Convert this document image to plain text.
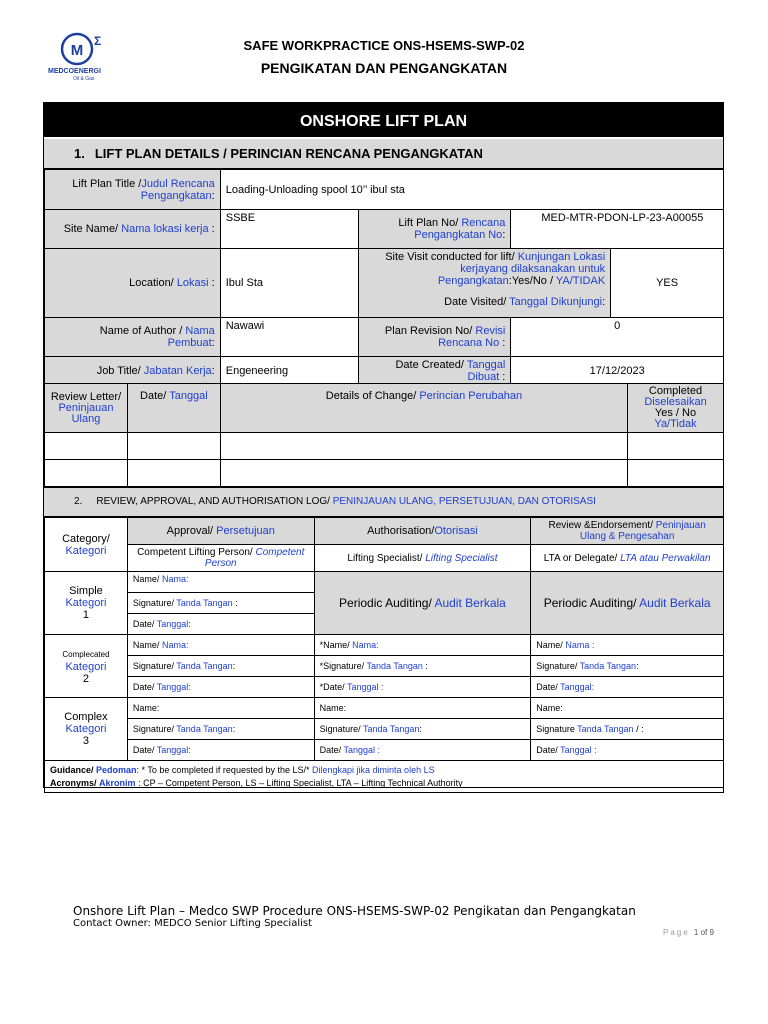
M
Σ
MEDCOENERGI
Oil & Gas
SAFE WORKPRACTICE ONS-HSEMS-SWP-02
PENGIKATAN DAN PENGANGKATAN
ONSHORE LIFT PLAN
1. LIFT PLAN DETAILS / PERINCIAN RENCANA PENGANGKATAN
Lift Plan Title /Judul Rencana Pengangkatan:	Loading-Unloading spool 10’’ ibul sta			
Site Name/ Nama lokasi kerja :	SSBE	Lift Plan No/ Rencana Pengangkatan No:	MED-MTR-PDON-LP-23-A00055	
Location/ Lokasi :	Ibul Sta	Site Visit conducted for lift/ Kunjungan Lokasi kerjayang dilaksanakan untuk Pengangkatan:Yes/No / YA/TIDAK

Date Visited/ Tanggal Dikunjungi:		YES
Name of Author / Nama Pembuat:	Nawawi	Plan Revision No/ Revisi Rencana No :	0	
Job Title/ Jabatan Kerja:	Engeneering	Date Created/ Tanggal Dibuat :	17/12/2023	
Review Letter/
Peninjauan Ulang	Date/ Tanggal	Details of Change/ Perincian Perubahan	Completed
Diselesaikan
Yes / No
Ya/Tidak

2. REVIEW, APPROVAL, AND AUTHORISATION LOG/ PENINJAUAN ULANG, PERSETUJUAN, DAN OTORISASI
Category/
Kategori	Approval/ Persetujuan	Authorisation/Otorisasi	Review &Endorsement/ Peninjauan Ulang & Pengesahan
	Competent Lifting Person/ Competent Person	Lifting Specialist/ Lifting Specialist	LTA or Delegate/ LTA atau Perwakilan
Simple
Kategori
1	Name/ Nama:	Periodic Auditing/ Audit Berkala	Periodic Auditing/ Audit Berkala
	Signature/ Tanda Tangan :		
	Date/ Tanggal:		
Complecated
Kategori
2	Name/ Nama:	*Name/ Nama:	Name/ Nama :
	Signature/ Tanda Tangan:	*Signature/ Tanda Tangan :	Signature/ Tanda Tangan:
	Date/ Tanggal:	*Date/ Tanggal :	Date/ Tanggal:
Complex
Kategori
3	Name:	Name:	Name:
	Signature/ Tanda Tangan:	Signature/ Tanda Tangan:	Signature Tanda Tangan / :
	Date/ Tanggal:	Date/ Tanggal :	Date/ Tanggal :
Guidance/ Pedoman: * To be completed if requested by the LS/* Dilengkapi jika diminta oleh LS
Acronyms/ Akronim : CP – Competent Person, LS – Lifting Specialist, LTA – Lifting Technical Authority			
Onshore Lift Plan – Medco SWP Procedure ONS-HSEMS-SWP-02 Pengikatan dan Pengangkatan
Contact Owner: MEDCO Senior Lifting Specialist
Page 1 of 9
